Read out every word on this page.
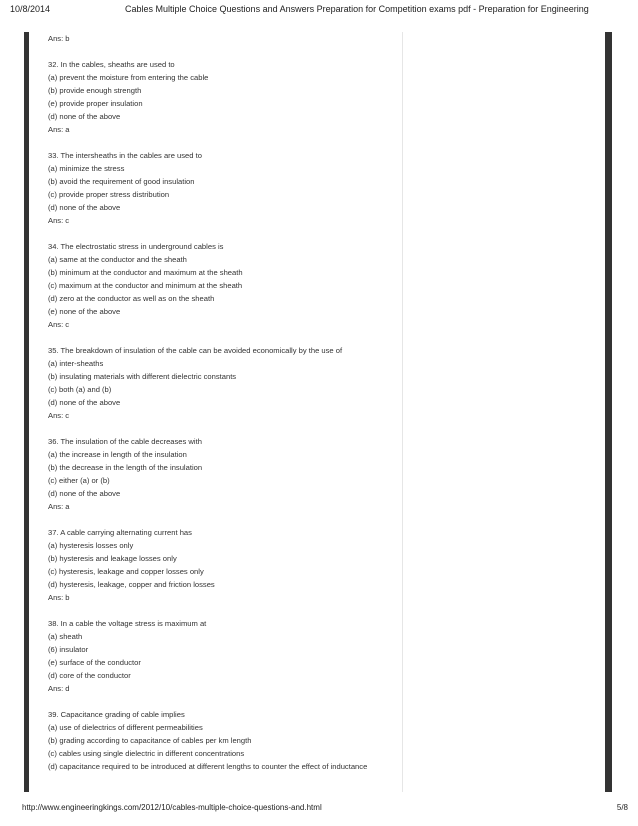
10/8/2014	Cables Multiple Choice Questions and Answers Preparation for Competition exams pdf - Preparation for Engineering
Ans: b
32. In the cables, sheaths are used to
(a) prevent the moisture from entering the cable
(b) provide enough strength
(e) provide proper insulation
(d) none of the above
Ans: a
33. The intersheaths in the cables are used to
(a) minimize the stress
(b) avoid the requirement of good insulation
(c) provide proper stress distribution
(d) none of the above
Ans: c
34. The electrostatic stress in underground cables is
(a) same at the conductor and the sheath
(b) minimum at the conductor and maximum at the sheath
(c) maximum at the conductor and minimum at the sheath
(d) zero at the conductor as well as on the sheath
(e) none of the above
Ans: c
35. The breakdown of insulation of the cable can be avoided economically by the use of
(a) inter-sheaths
(b) insulating materials with different dielectric constants
(c) both (a) and (b)
(d) none of the above
Ans: c
36. The insulation of the cable decreases with
(a) the increase in length of the insulation
(b) the decrease in the length of the insulation
(c) either (a) or (b)
(d) none of the above
Ans: a
37. A cable carrying alternating current has
(a) hysteresis losses only
(b) hysteresis and leakage losses only
(c) hysteresis, leakage and copper losses only
(d) hysteresis, leakage, copper and friction losses
Ans: b
38. In a cable the voltage stress is maximum at
(a) sheath
(6) insulator
(e) surface of the conductor
(d) core of the conductor
Ans: d
39. Capacitance grading of cable implies
(a) use of dielectrics of different permeabilities
(b) grading according to capacitance of cables per km length
(c) cables using single dielectric in different concentrations
(d) capacitance required to be introduced at different lengths to counter the effect of inductance
http://www.engineeringkings.com/2012/10/cables-multiple-choice-questions-and.html	5/8
